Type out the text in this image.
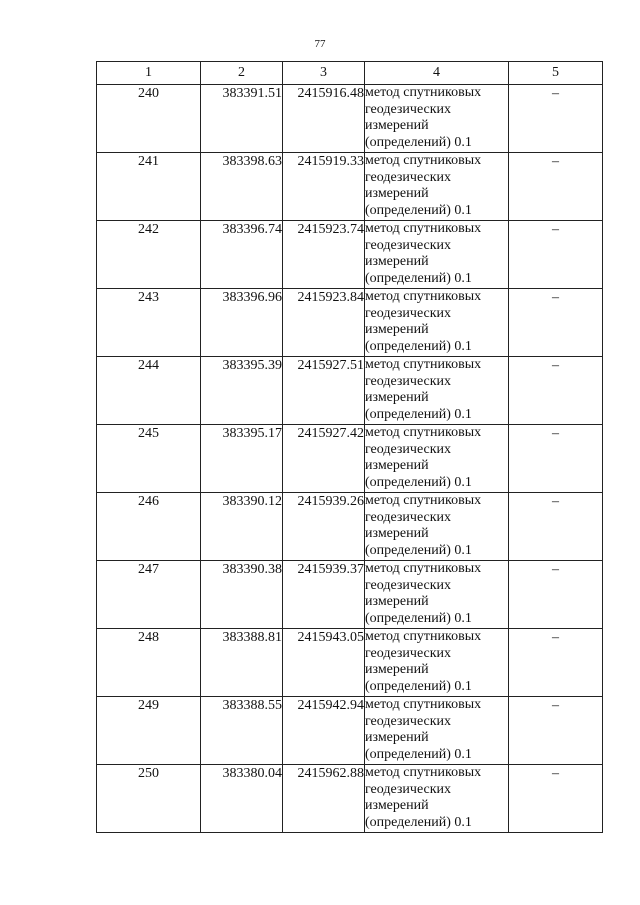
77
1	2	3	4	5
240	383391.51	2415916.48	метод спутниковых геодезических измерений (определений) 0.1	–
241	383398.63	2415919.33	метод спутниковых геодезических измерений (определений) 0.1	–
242	383396.74	2415923.74	метод спутниковых геодезических измерений (определений) 0.1	–
243	383396.96	2415923.84	метод спутниковых геодезических измерений (определений) 0.1	–
244	383395.39	2415927.51	метод спутниковых геодезических измерений (определений) 0.1	–
245	383395.17	2415927.42	метод спутниковых геодезических измерений (определений) 0.1	–
246	383390.12	2415939.26	метод спутниковых геодезических измерений (определений) 0.1	–
247	383390.38	2415939.37	метод спутниковых геодезических измерений (определений) 0.1	–
248	383388.81	2415943.05	метод спутниковых геодезических измерений (определений) 0.1	–
249	383388.55	2415942.94	метод спутниковых геодезических измерений (определений) 0.1	–
250	383380.04	2415962.88	метод спутниковых геодезических измерений (определений) 0.1	–
